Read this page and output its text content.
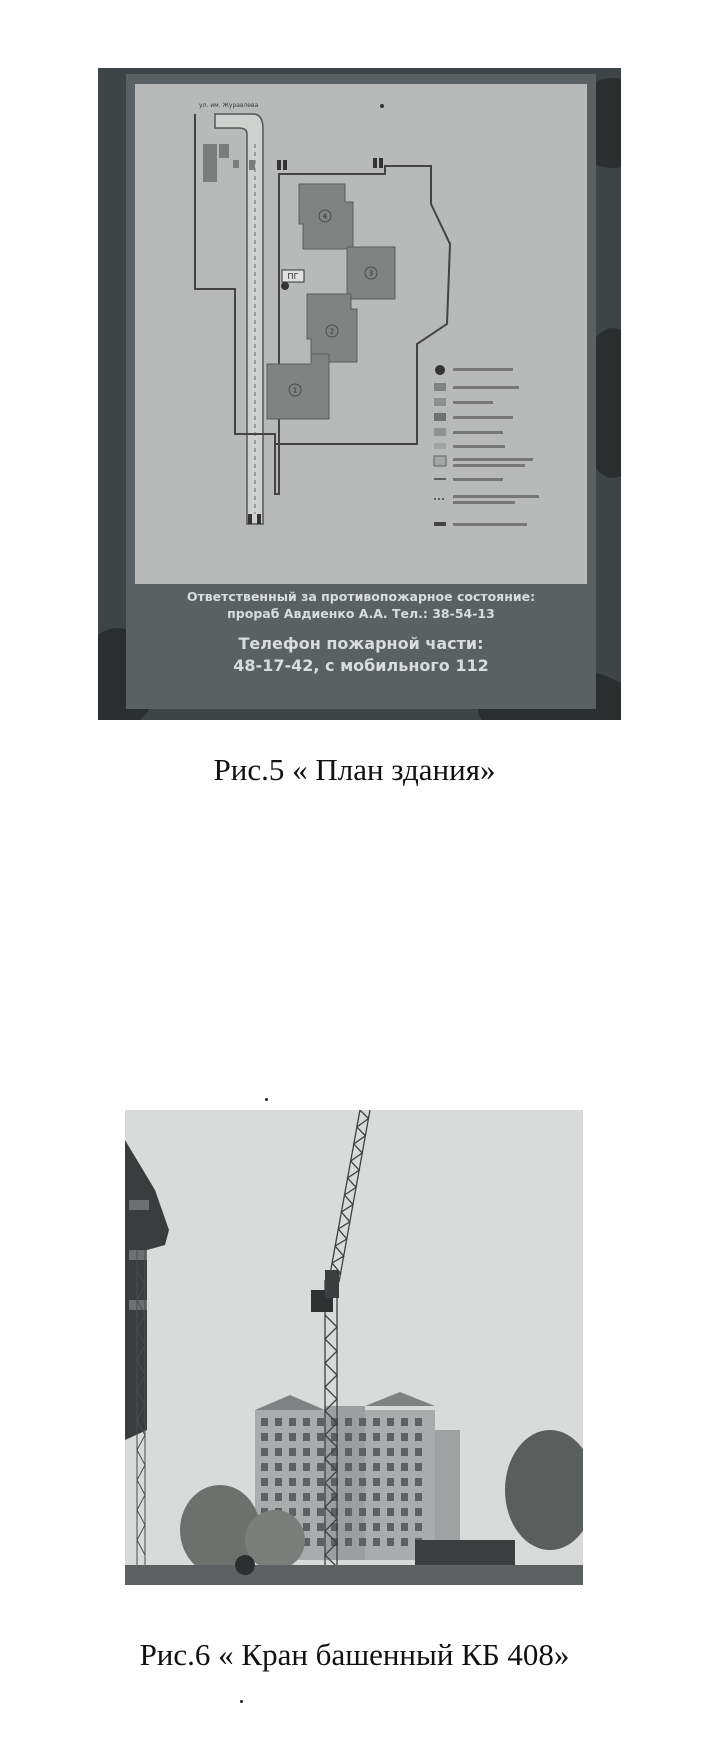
4
3
2
1
ПГ
ул. им. Журавлева
Ответственный за противопожарное состояние:
прораб Авдиенко А.А. Тел.: 38-54-13
Телефон пожарной части:
48-17-42, с мобильного 112
Рис.5 « План здания»
Рис.6 « Кран башенный КБ 408»
